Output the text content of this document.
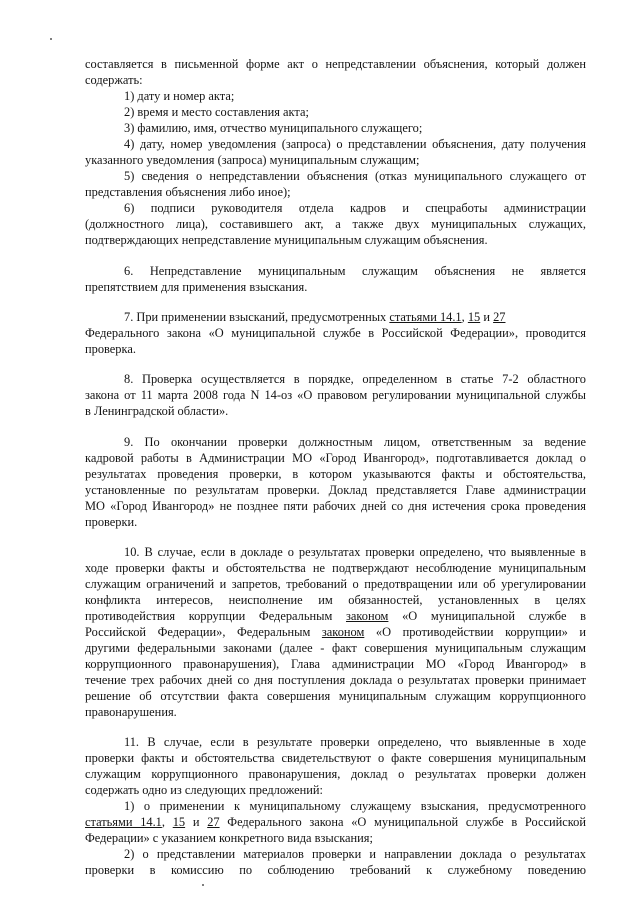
составляется в письменной форме акт о непредставлении объяснения, который должен
содержать:
1) дату и номер акта;
2) время и место составления акта;
3) фамилию, имя, отчество муниципального служащего;
4) дату, номер уведомления (запроса) о представлении объяснения, дату получения
указанного уведомления (запроса) муниципальным служащим;
5) сведения о непредставлении объяснения (отказ муниципального служащего от
представления объяснения либо иное);
6) подписи руководителя отдела кадров и спецработы администрации
(должностного лица), составившего акт, а также двух муниципальных служащих,
подтверждающих непредставление муниципальным служащим объяснения.
6. Непредставление муниципальным служащим объяснения не является
препятствием для применения взыскания.
7. При применении взысканий, предусмотренных статьями 14.1, 15 и 27
Федерального закона «О муниципальной службе в Российской Федерации», проводится
проверка.
8. Проверка осуществляется в порядке, определенном в статье 7-2 областного
закона от 11 марта 2008 года N 14-оз «О правовом регулировании муниципальной службы
в Ленинградской области».
9. По окончании проверки должностным лицом, ответственным за ведение
кадровой работы в Администрации МО «Город Ивангород», подготавливается доклад о
результатах проведения проверки, в котором указываются факты и обстоятельства,
установленные по результатам проверки. Доклад представляется Главе администрации
МО «Город Ивангород» не позднее пяти рабочих дней со дня истечения срока проведения
проверки.
10. В случае, если в докладе о результатах проверки определено, что выявленные в
ходе проверки факты и обстоятельства не подтверждают несоблюдение муниципальным
служащим ограничений и запретов, требований о предотвращении или об урегулировании
конфликта интересов, неисполнение им обязанностей, установленных в целях
противодействия коррупции Федеральным законом «О муниципальной службе в
Российской Федерации», Федеральным законом «О противодействии коррупции» и
другими федеральными законами (далее - факт совершения муниципальным служащим
коррупционного правонарушения), Глава администрации МО «Город Ивангород» в
течение трех рабочих дней со дня поступления доклада о результатах проверки принимает
решение об отсутствии факта совершения муниципальным служащим коррупционного
правонарушения.
11. В случае, если в результате проверки определено, что выявленные в ходе
проверки факты и обстоятельства свидетельствуют о факте совершения муниципальным
служащим коррупционного правонарушения, доклад о результатах проверки должен
содержать одно из следующих предложений:
1) о применении к муниципальному служащему взыскания, предусмотренного
статьями 14.1, 15 и 27 Федерального закона «О муниципальной службе в Российской
Федерации» с указанием конкретного вида взыскания;
2) о представлении материалов проверки и направлении доклада о результатах
проверки в комиссию по соблюдению требований к служебному поведению
